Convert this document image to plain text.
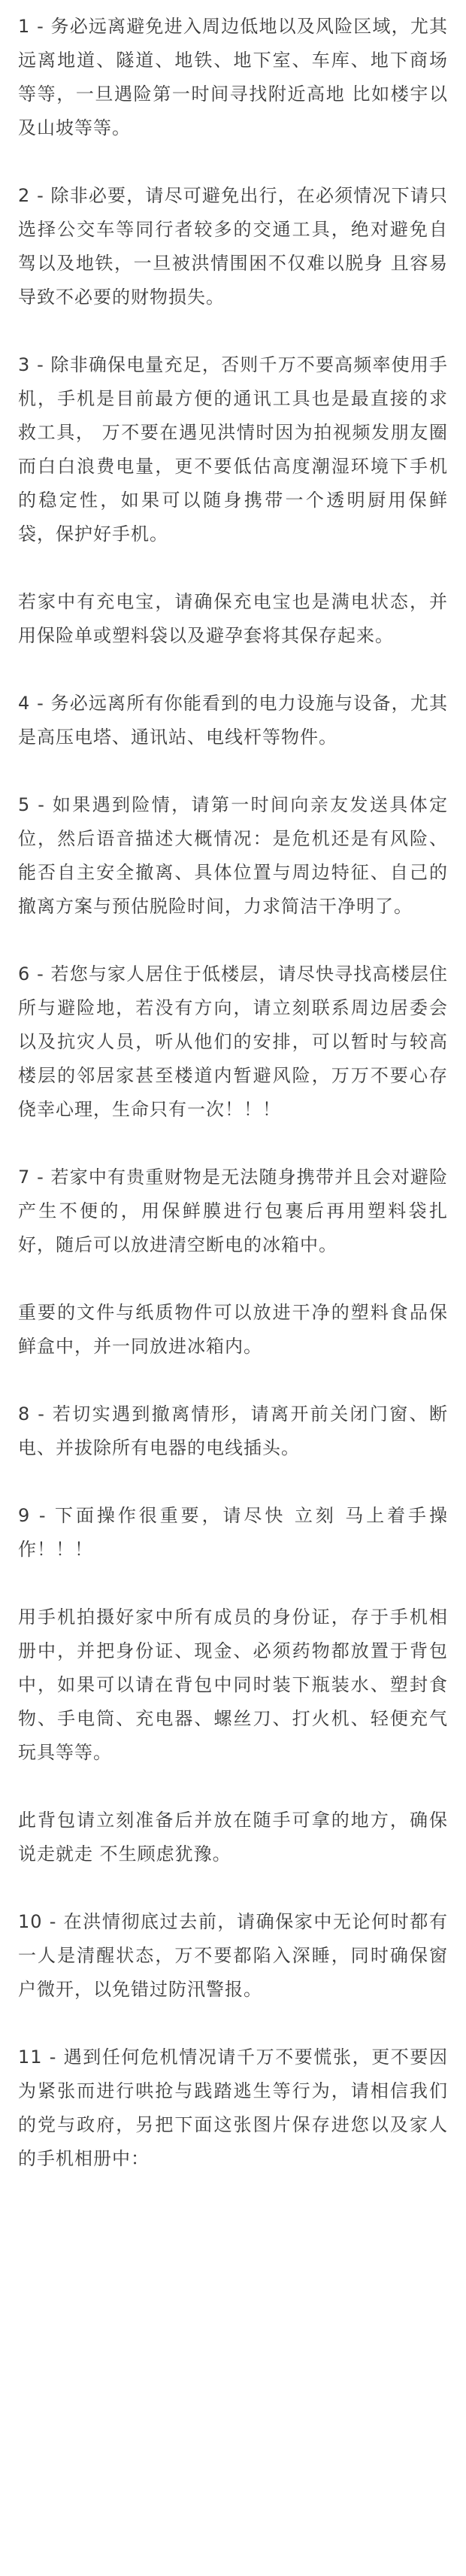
1 - 务必远离避免进入周边低地以及风险区域，尤其远离地道、隧道、地铁、地下室、车库、地下商场等等，一旦遇险第一时间寻找附近高地 比如楼宇以及山坡等等。

2 - 除非必要，请尽可避免出行，在必须情况下请只选择公交车等同行者较多的交通工具，绝对避免自驾以及地铁，一旦被洪情围困不仅难以脱身 且容易导致不必要的财物损失。

3 - 除非确保电量充足，否则千万不要高频率使用手机，手机是目前最方便的通讯工具也是最直接的求救工具， 万不要在遇见洪情时因为拍视频发朋友圈而白白浪费电量，更不要低估高度潮湿环境下手机的稳定性，如果可以随身携带一个透明厨用保鲜袋，保护好手机。

若家中有充电宝，请确保充电宝也是满电状态，并用保险单或塑料袋以及避孕套将其保存起来。

4 - 务必远离所有你能看到的电力设施与设备，尤其是高压电塔、通讯站、电线杆等物件。

5 - 如果遇到险情，请第一时间向亲友发送具体定位，然后语音描述大概情况：是危机还是有风险、能否自主安全撤离、具体位置与周边特征、自己的撤离方案与预估脱险时间，力求简洁干净明了。

6 - 若您与家人居住于低楼层，请尽快寻找高楼层住所与避险地，若没有方向，请立刻联系周边居委会以及抗灾人员，听从他们的安排，可以暂时与较高楼层的邻居家甚至楼道内暂避风险，万万不要心存侥幸心理，生命只有一次！！！

7 - 若家中有贵重财物是无法随身携带并且会对避险产生不便的，用保鲜膜进行包裹后再用塑料袋扎好，随后可以放进清空断电的冰箱中。

重要的文件与纸质物件可以放进干净的塑料食品保鲜盒中，并一同放进冰箱内。

8 - 若切实遇到撤离情形，请离开前关闭门窗、断电、并拔除所有电器的电线插头。

9 - 下面操作很重要，请尽快 立刻 马上着手操作！！！

用手机拍摄好家中所有成员的身份证，存于手机相册中，并把身份证、现金、必须药物都放置于背包中，如果可以请在背包中同时装下瓶装水、塑封食物、手电筒、充电器、螺丝刀、打火机、轻便充气玩具等等。

此背包请立刻准备后并放在随手可拿的地方，确保说走就走 不生顾虑犹豫。

10 - 在洪情彻底过去前，请确保家中无论何时都有一人是清醒状态，万不要都陷入深睡，同时确保窗户微开，以免错过防汛警报。

11 - 遇到任何危机情况请千万不要慌张，更不要因为紧张而进行哄抢与践踏逃生等行为，请相信我们的党与政府，另把下面这张图片保存进您以及家人的手机相册中：
